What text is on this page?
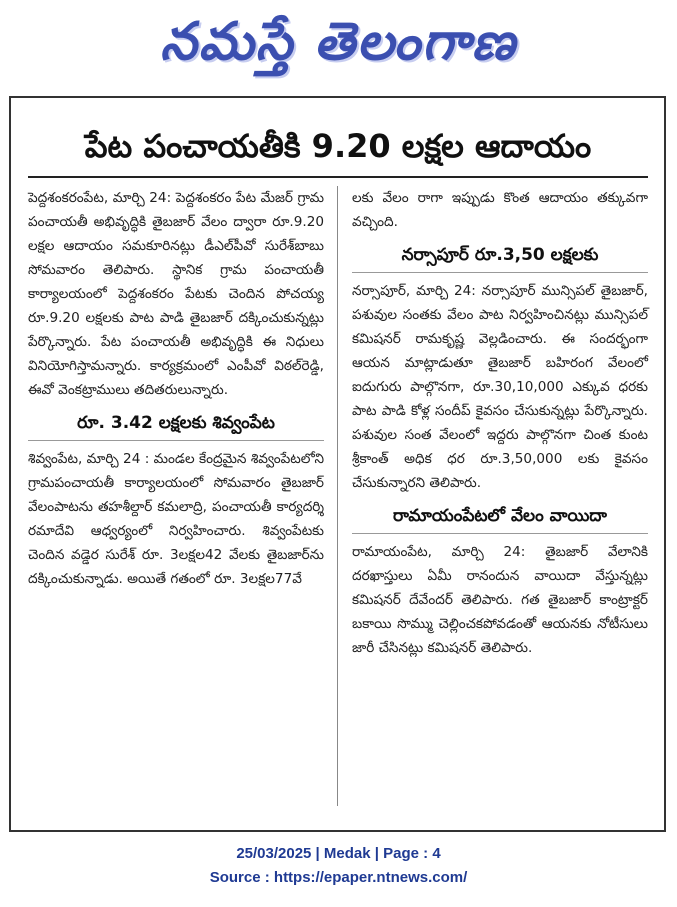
నమస్తే తెలంగాణ
పేట పంచాయతీకి 9.20 లక్షల ఆదాయం

పెద్దశంకరంపేట, మార్చి 24: పెద్దశంకరం పేట మేజర్ గ్రామ పంచాయతీ అభివృద్ధికి తైబజార్ వేలం ద్వారా రూ.9.20 లక్షల ఆదాయం సమకూరినట్లు డీఎల్‌పీవో సురేశ్‌బాబు సోమవారం తెలిపారు. స్థానిక గ్రామ పంచాయతీ కార్యాలయంలో పెద్దశంకరం పేటకు చెందిన పోచయ్య రూ.9.20 లక్షలకు పాట పాడి తైబజార్ దక్కించుకున్నట్లు పేర్కొన్నారు. పేట పంచాయతీ అభివృద్ధికి ఈ నిధులు వినియోగిస్తామన్నారు. కార్యక్రమంలో ఎంపీవో విఠల్‌రెడ్డి, ఈవో వెంకట్రాములు తదితరులున్నారు.

రూ. 3.42 లక్షలకు శివ్వంపేట

శివ్వంపేట, మార్చి 24 : మండల కేంద్రమైన శివ్వంపేటలోని గ్రామపంచాయతీ కార్యాలయంలో సోమవారం తైబజార్ వేలంపాటను తహశీల్దార్ కమలాద్రి, పంచాయతీ కార్యదర్శి రమాదేవి ఆధ్వర్యంలో నిర్వహించారు. శివ్వంపేటకు చెందిన వడ్డెర సురేశ్ రూ. 3లక్షల42 వేలకు తైబజార్‌ను దక్కించుకున్నాడు. అయితే గతంలో రూ. 3లక్షల77వే

లకు వేలం రాగా ఇప్పుడు కొంత ఆదాయం తక్కువగా వచ్చింది.

నర్సాపూర్ రూ.3,50 లక్షలకు

నర్సాపూర్, మార్చి 24: నర్సాపూర్ మున్సిపల్ తైబజార్, పశువుల సంతకు వేలం పాట నిర్వహించినట్లు మున్సిపల్ కమిషనర్ రామకృష్ణ వెల్లడించారు. ఈ సందర్భంగా ఆయన మాట్లాడుతూ తైబజార్ బహిరంగ వేలంలో ఐదుగురు పాల్గొనగా, రూ.30,10,000 ఎక్కువ ధరకు పాట పాడి కోళ్ల సందీప్ కైవసం చేసుకున్నట్లు పేర్కొన్నారు. పశువుల సంత వేలంలో ఇద్దరు పాల్గొనగా చింత కుంట శ్రీకాంత్ అధిక ధర రూ.3,50,000 లకు కైవసం చేసుకున్నారని తెలిపారు.

రామాయంపేటలో వేలం వాయిదా

రామాయంపేట, మార్చి 24: తైబజార్ వేలానికి దరఖాస్తులు ఏమీ రానందున వాయిదా వేస్తున్నట్లు కమిషనర్ దేవేందర్ తెలిపారు. గత తైబజార్ కాంట్రాక్టర్ బకాయి సొమ్ము చెల్లించకపోవడంతో ఆయనకు నోటీసులు జారీ చేసినట్లు కమిషనర్ తెలిపారు.

25/03/2025 | Medak | Page : 4
Source : https://epaper.ntnews.com/
